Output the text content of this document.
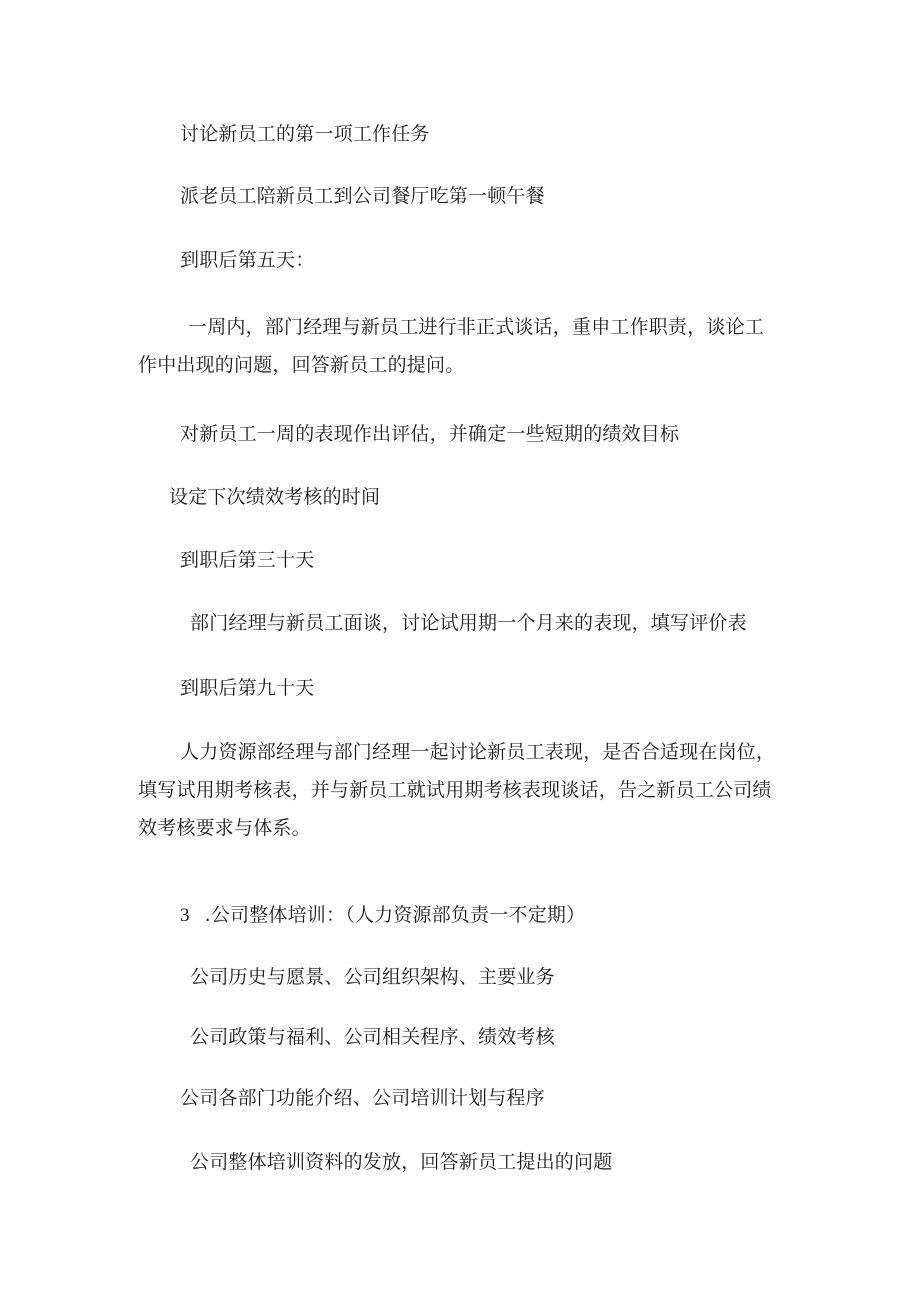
讨论新员工的第一项工作任务
派老员工陪新员工到公司餐厅吃第一顿午餐
到职后第五天：
一周内，部门经理与新员工进行非正式谈话，重申工作职责，谈论工
作中出现的问题，回答新员工的提问。
对新员工一周的表现作出评估，并确定一些短期的绩效目标
设定下次绩效考核的时间
到职后第三十天
部门经理与新员工面谈，讨论试用期一个月来的表现，填写评价表
到职后第九十天
人力资源部经理与部门经理一起讨论新员工表现，是否合适现在岗位，
填写试用期考核表，并与新员工就试用期考核表现谈话，告之新员工公司绩
效考核要求与体系。
3 .公司整体培训：（人力资源部负责一不定期）
公司历史与愿景、公司组织架构、主要业务
公司政策与福利、公司相关程序、绩效考核
公司各部门功能介绍、公司培训计划与程序
公司整体培训资料的发放，回答新员工提出的问题
